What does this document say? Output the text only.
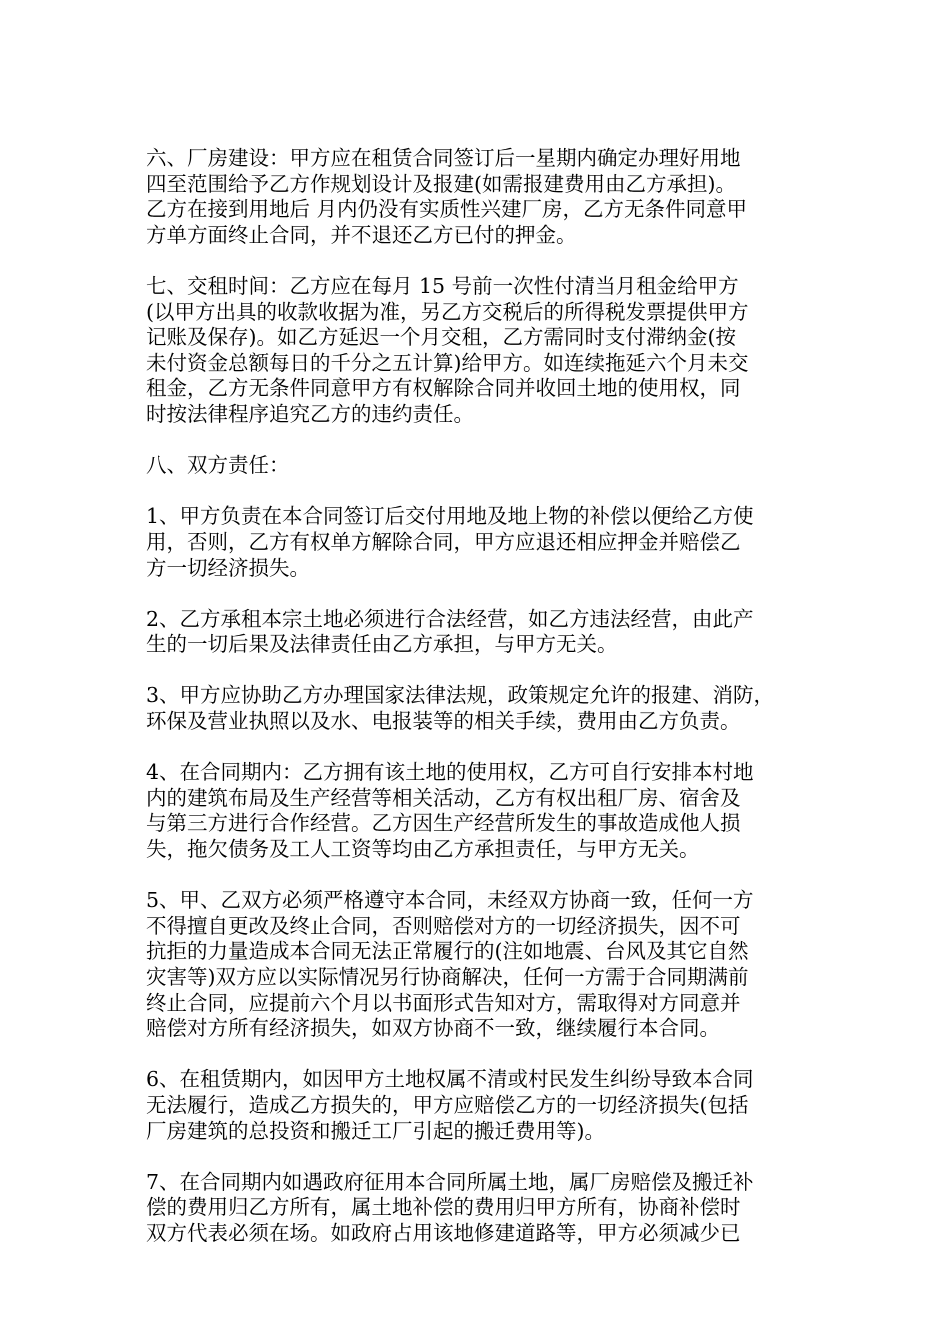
六、厂房建设：甲方应在租赁合同签订后一星期内确定办理好用地
四至范围给予乙方作规划设计及报建(如需报建费用由乙方承担)。
乙方在接到用地后 月内仍没有实质性兴建厂房，乙方无条件同意甲
方单方面终止合同，并不退还乙方已付的押金。
七、交租时间：乙方应在每月 15 号前一次性付清当月租金给甲方
(以甲方出具的收款收据为准，另乙方交税后的所得税发票提供甲方
记账及保存)。如乙方延迟一个月交租，乙方需同时支付滞纳金(按
未付资金总额每日的千分之五计算)给甲方。如连续拖延六个月未交
租金，乙方无条件同意甲方有权解除合同并收回土地的使用权，同
时按法律程序追究乙方的违约责任。
八、双方责任：
1、甲方负责在本合同签订后交付用地及地上物的补偿以便给乙方使
用，否则，乙方有权单方解除合同，甲方应退还相应押金并赔偿乙
方一切经济损失。
2、乙方承租本宗土地必须进行合法经营，如乙方违法经营，由此产
生的一切后果及法律责任由乙方承担，与甲方无关。
3、甲方应协助乙方办理国家法律法规，政策规定允许的报建、消防，
环保及营业执照以及水、电报装等的相关手续，费用由乙方负责。
4、在合同期内：乙方拥有该土地的使用权，乙方可自行安排本村地
内的建筑布局及生产经营等相关活动，乙方有权出租厂房、宿舍及
与第三方进行合作经营。乙方因生产经营所发生的事故造成他人损
失，拖欠债务及工人工资等均由乙方承担责任，与甲方无关。
5、甲、乙双方必须严格遵守本合同，未经双方协商一致，任何一方
不得擅自更改及终止合同，否则赔偿对方的一切经济损失，因不可
抗拒的力量造成本合同无法正常履行的(注如地震、台风及其它自然
灾害等)双方应以实际情况另行协商解决，任何一方需于合同期满前
终止合同，应提前六个月以书面形式告知对方，需取得对方同意并
赔偿对方所有经济损失，如双方协商不一致，继续履行本合同。
6、在租赁期内，如因甲方土地权属不清或村民发生纠纷导致本合同
无法履行，造成乙方损失的，甲方应赔偿乙方的一切经济损失(包括
厂房建筑的总投资和搬迁工厂引起的搬迁费用等)。
7、在合同期内如遇政府征用本合同所属土地，属厂房赔偿及搬迁补
偿的费用归乙方所有，属土地补偿的费用归甲方所有，协商补偿时
双方代表必须在场。如政府占用该地修建道路等，甲方必须减少已
